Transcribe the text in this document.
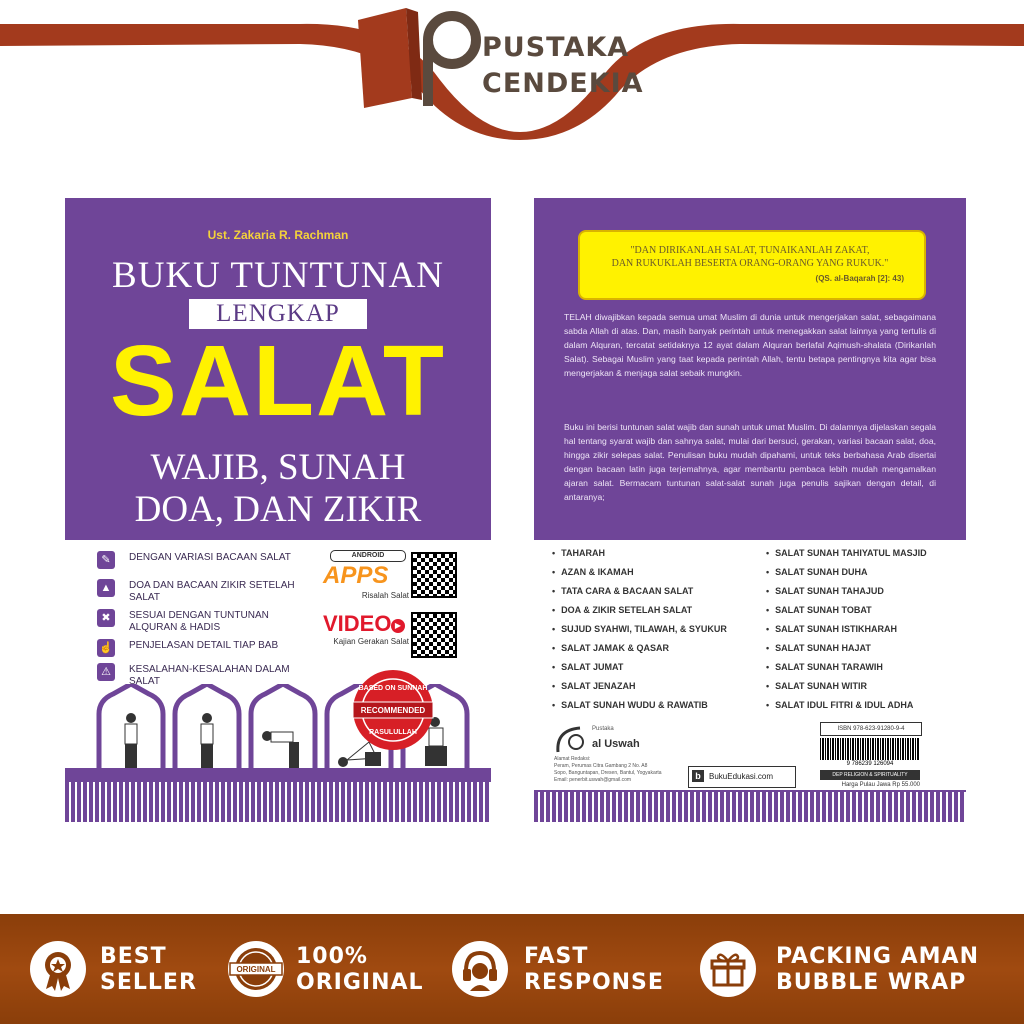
PUSTAKA
CENDEKIA
Ust. Zakaria R. Rachman
BUKU TUNTUNAN
LENGKAP
SALAT
WAJIB, SUNAH
DOA, DAN ZIKIR
✎	DENGAN VARIASI BACAAN SALAT
▲	DOA DAN BACAAN ZIKIR SETELAH SALAT
✖	SESUAI DENGAN TUNTUNAN ALQURAN & HADIS
☝ PENJELASAN DETAIL TIAP BAB
⚠	KESALAHAN-KESALAHAN DALAM SALAT
ANDROID
APPS
Risalah Salat
VIDEO ▶
Kajian Gerakan Salat
BASED ON SUNNAH
RECOMMENDED
RASULULLAH
"DAN DIRIKANLAH SALAT, TUNAIKANLAH ZAKAT,
DAN RUKUKLAH BESERTA ORANG-ORANG YANG RUKUK."
(QS. al-Baqarah [2]: 43)
TELAH diwajibkan kepada semua umat Muslim di dunia untuk mengerjakan salat, sebagaimana sabda Allah di atas. Dan, masih banyak perintah untuk menegakkan salat lainnya yang tertulis di dalam Alquran, tercatat setidaknya 12 ayat dalam Alquran berlafal Aqimush-shalata (Dirikanlah Salat). Sebagai Muslim yang taat kepada perintah Allah, tentu betapa pentingnya kita agar bisa mengerjakan & menjaga salat sebaik mungkin.
Buku ini berisi tuntunan salat wajib dan sunah untuk umat Muslim. Di dalamnya dijelaskan segala hal tentang syarat wajib dan sahnya salat, mulai dari bersuci, gerakan, variasi bacaan salat, doa, hingga zikir selepas salat. Penulisan buku mudah dipahami, untuk teks berbahasa Arab disertai dengan bacaan latin juga terjemahnya, agar membantu pembaca lebih mudah mengamalkan ajaran salat. Bermacam tuntunan salat-salat sunah juga penulis sajikan dengan detail, di antaranya;
• TAHARAH
• AZAN & IKAMAH
• TATA CARA & BACAAN SALAT
• DOA & ZIKIR SETELAH SALAT
• SUJUD SYAHWI, TILAWAH, & SYUKUR
• SALAT JAMAK & QASAR
• SALAT JUMAT
• SALAT JENAZAH
• SALAT SUNAH WUDU & RAWATIB
• SALAT SUNAH TAHIYATUL MASJID
• SALAT SUNAH DUHA
• SALAT SUNAH TAHAJUD
• SALAT SUNAH TOBAT
• SALAT SUNAH ISTIKHARAH
• SALAT SUNAH HAJAT
• SALAT SUNAH TARAWIH
• SALAT SUNAH WITIR
• SALAT IDUL FITRI & IDUL ADHA
Pustaka
al Uswah
Alamat Redaksi:
Peram, Perumas Citra Gambang 2 No. A8
Sopo, Banguntapan, Dresen, Bantul, Yogyakarta
Email: penerbit.uswah@gmail.com	BukuEdukasi.com
b
ISBN 978-623-91280-9-4
9 786239 126094
DEP RELIGION & SPIRITUALITY
Harga Pulau Jawa Rp 55.000
BEST
SELLER
ORIGINAL
100%
ORIGINAL
FAST
RESPONSE
PACKING AMAN
BUBBLE WRAP
